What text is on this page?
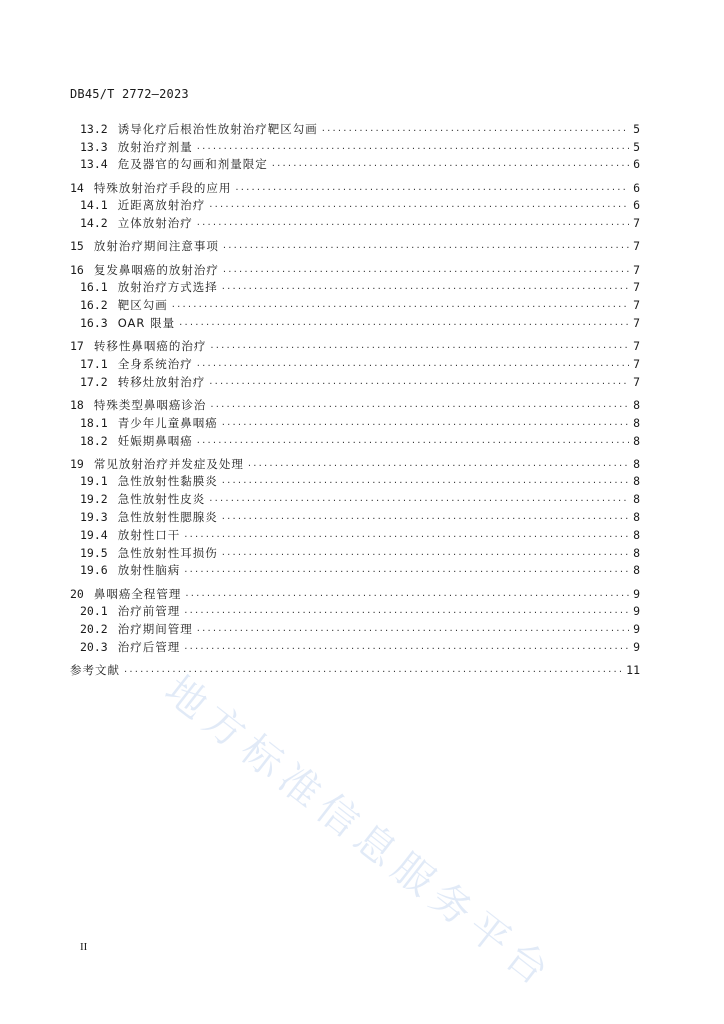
DB45/T 2772—2023
13.2 诱导化疗后根治性放射治疗靶区勾画 .....	5
13.3 放射治疗剂量 .....	5
13.4 危及器官的勾画和剂量限定 .....	6
14 特殊放射治疗手段的应用 .....	6
14.1 近距离放射治疗 .....	6
14.2 立体放射治疗 .....	7
15 放射治疗期间注意事项 .....	7
16 复发鼻咽癌的放射治疗 .....	7
16.1 放射治疗方式选择 .....	7
16.2 靶区勾画 .....	7
16.3 OAR 限量 .....	7
17 转移性鼻咽癌的治疗 .....	7
17.1 全身系统治疗 .....	7
17.2 转移灶放射治疗 .....	7
18 特殊类型鼻咽癌诊治 .....	8
18.1 青少年儿童鼻咽癌 .....	8
18.2 妊娠期鼻咽癌 .....	8
19 常见放射治疗并发症及处理 .....	8
19.1 急性放射性黏膜炎 .....	8
19.2 急性放射性皮炎 .....	8
19.3 急性放射性腮腺炎 .....	8
19.4 放射性口干 .....	8
19.5 急性放射性耳损伤 .....	8
19.6 放射性脑病 .....	8
20 鼻咽癌全程管理 .....	9
20.1 治疗前管理 .....	9
20.2 治疗期间管理 .....	9
20.3 治疗后管理 .....	9
参考文献 .....	11
地方标准信息服务平台
II
